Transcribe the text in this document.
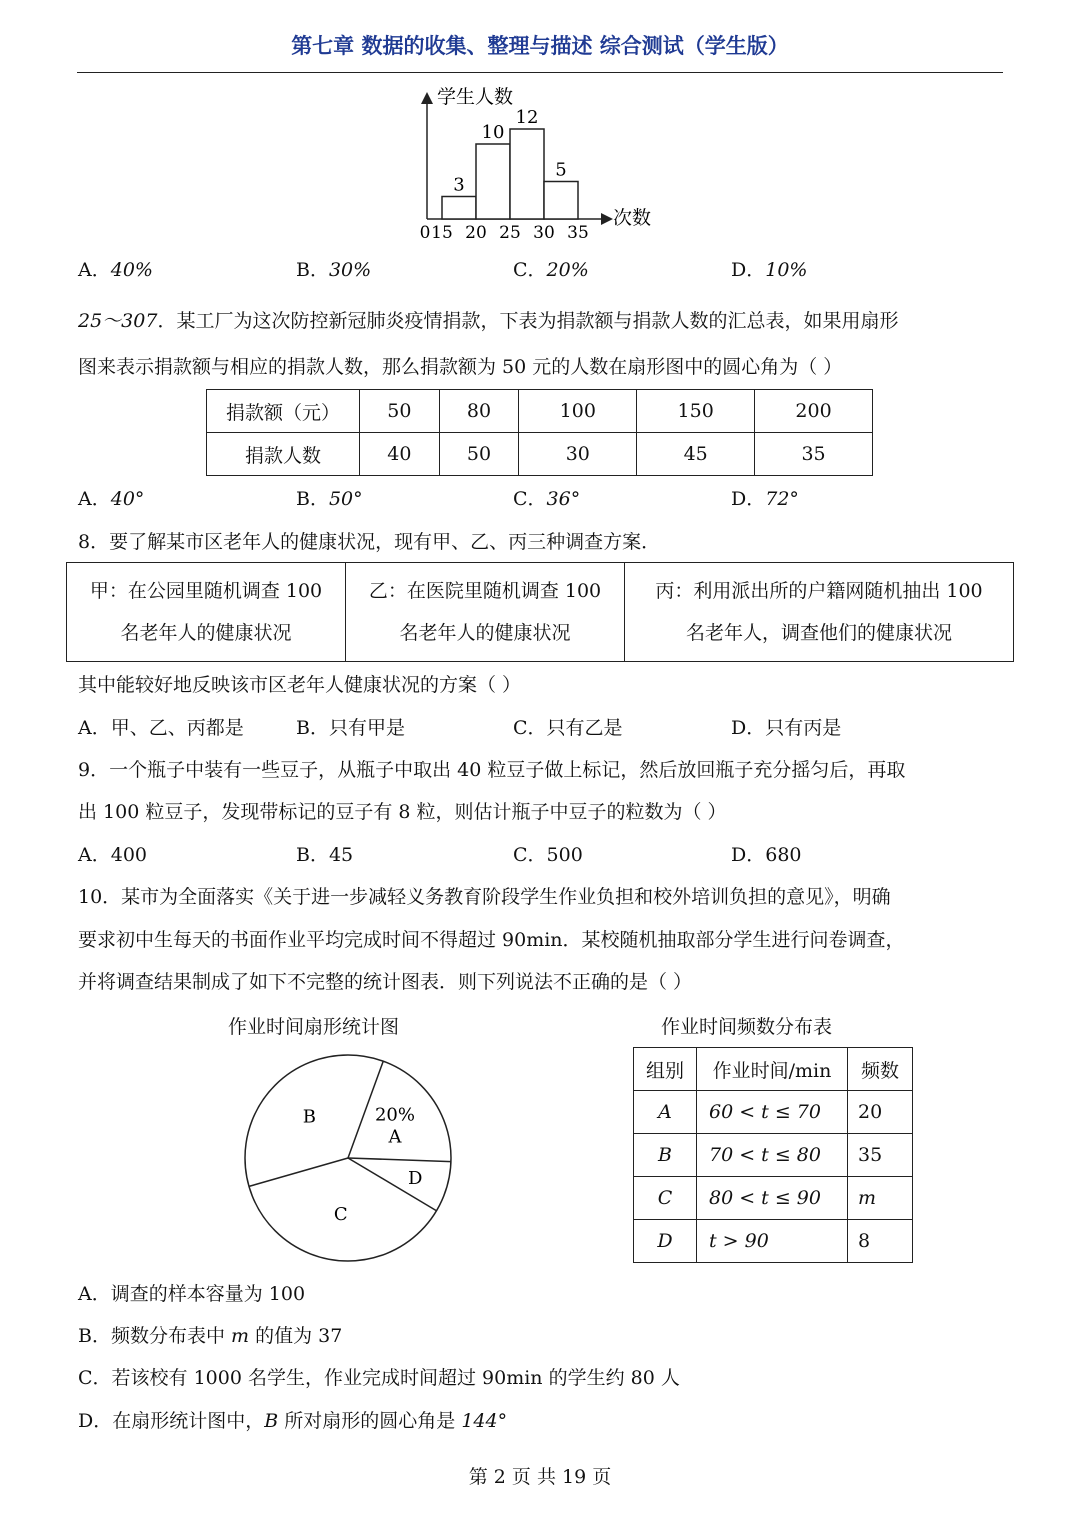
第七章 数据的收集、整理与描述 综合测试（学生版）
学生人数
次数
3
10
12
5
0 15 20 25 30 35
A．40%	B．30%	C．20%	D．10%
25～307．某工厂为这次防控新冠肺炎疫情捐款，下表为捐款额与捐款人数的汇总表，如果用扇形
图来表示捐款额与相应的捐款人数，那么捐款额为 50 元的人数在扇形图中的圆心角为（ ）
捐款额（元）	50	80	100	150	200
捐款人数	40	50	30	45	35
A．40°	B．50°	C．36°	D．72°
8．要了解某市区老年人的健康状况，现有甲、乙、丙三种调查方案．
甲：在公园里随机调查 100
名老年人的健康状况

乙：在医院里随机调查 100
名老年人的健康状况

丙：利用派出所的户籍网随机抽出 100
名老年人，调查他们的健康状况
其中能较好地反映该市区老年人健康状况的方案（ ）
A．甲、乙、丙都是	B．只有甲是	C．只有乙是	D．只有丙是
9．一个瓶子中装有一些豆子，从瓶子中取出 40 粒豆子做上标记，然后放回瓶子充分摇匀后，再取
出 100 粒豆子，发现带标记的豆子有 8 粒，则估计瓶子中豆子的粒数为（ ）
A．400	B．45	C．500	D．680
10．某市为全面落实《关于进一步减轻义务教育阶段学生作业负担和校外培训负担的意见》，明确
要求初中生每天的书面作业平均完成时间不得超过 90min．某校随机抽取部分学生进行问卷调查，
并将调查结果制成了如下不完整的统计图表．则下列说法不正确的是（ ）
作业时间扇形统计图	作业时间频数分布表
20%
A
D
C
B
组别	作业时间/min	频数
A	60 < t ≤ 70	20
B	70 < t ≤ 80	35
C	80 < t ≤ 90	m
D	t > 90	8
A．调查的样本容量为 100
B．频数分布表中 m 的值为 37
C．若该校有 1000 名学生，作业完成时间超过 90min 的学生约 80 人
D．在扇形统计图中，B 所对扇形的圆心角是 144°
第 2 页 共 19 页
